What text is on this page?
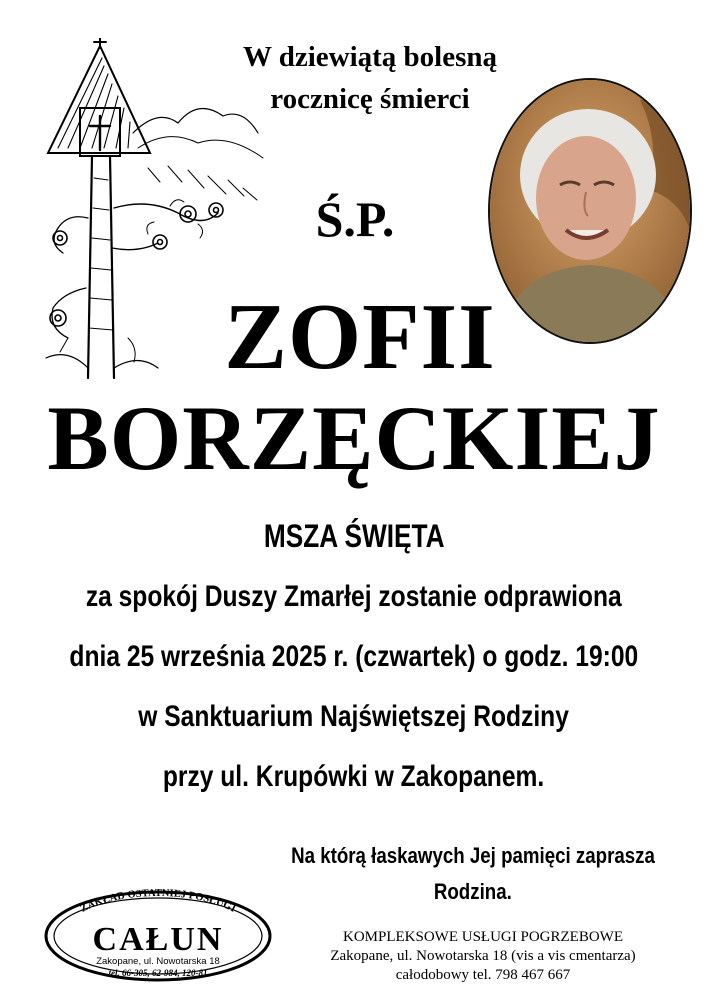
W dziewiątą bolesną
rocznicę śmierci
Ś.P.
ZOFII
BORZĘCKIEJ
MSZA ŚWIĘTA
za spokój Duszy Zmarłej zostanie odprawiona
dnia 25 września 2025 r. (czwartek) o godz. 19:00
w Sanktuarium Najświętszej Rodziny
przy ul. Krupówki w Zakopanem.
Na którą łaskawych Jej pamięci zaprasza
Rodzina.
ZAKŁAD OSTATNIEJ POSŁUGI
CAŁUN
Zakopane, ul. Nowotarska 18
tel. 66-305, 62-984, 120-81
KOMPLEKSOWE USŁUGI POGRZEBOWE
Zakopane, ul. Nowotarska 18 (vis a vis cmentarza)
całodobowy tel. 798 467 667
